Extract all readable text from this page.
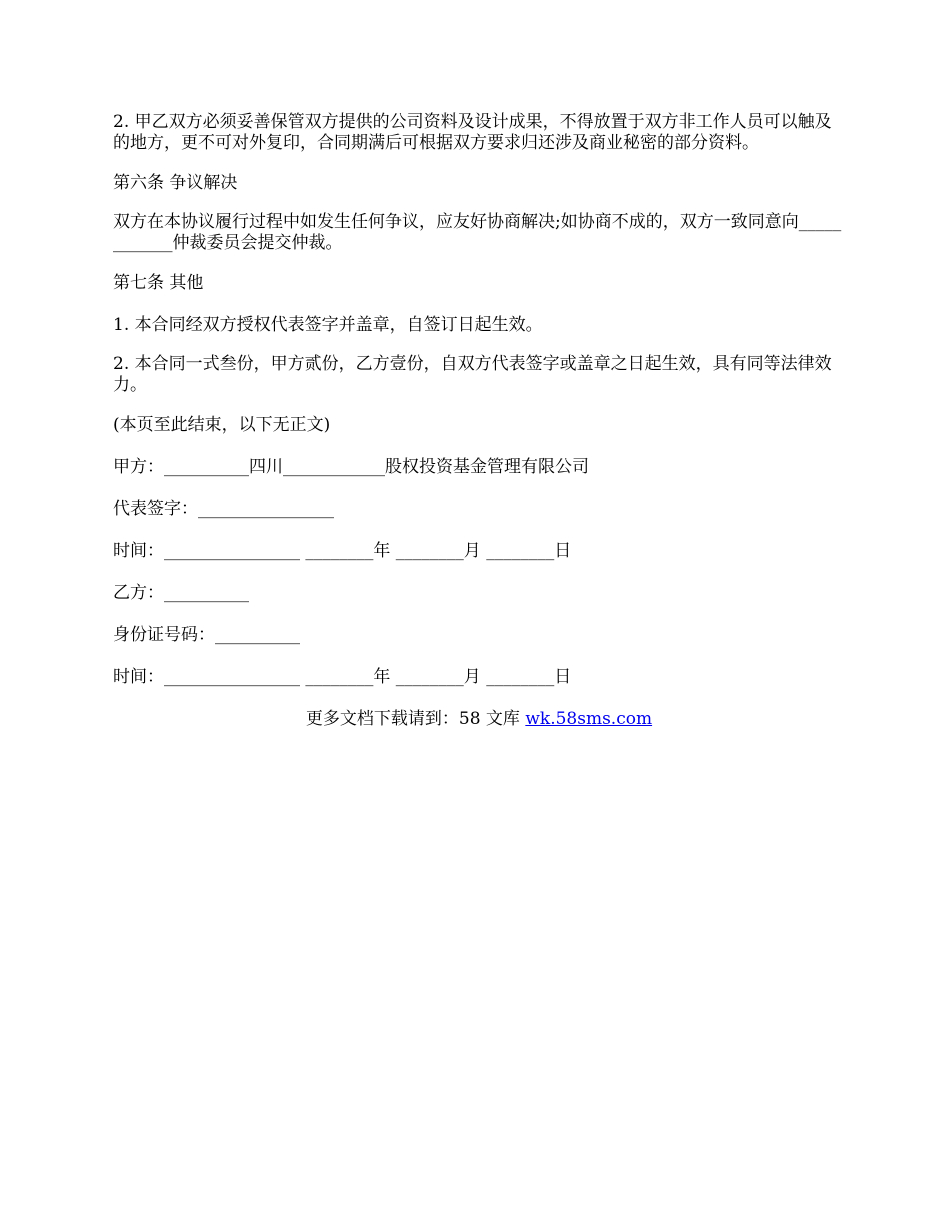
2. 甲乙双方必须妥善保管双方提供的公司资料及设计成果，不得放置于双方非工作人员可以触及的地方，更不可对外复印，合同期满后可根据双方要求归还涉及商业秘密的部分资料。

第六条 争议解决

双方在本协议履行过程中如发生任何争议，应友好协商解决;如协商不成的，双方一致同意向____________仲裁委员会提交仲裁。

第七条 其他

1. 本合同经双方授权代表签字并盖章，自签订日起生效。

2. 本合同一式叁份，甲方贰份，乙方壹份，自双方代表签字或盖章之日起生效，具有同等法律效力。

(本页至此结束，以下无正文)

甲方：__________四川____________股权投资基金管理有限公司

代表签字：________________

时间：________________ ________年 ________月 ________日

乙方：__________

身份证号码：__________

时间：________________ ________年 ________月 ________日

更多文档下载请到：58 文库 wk.58sms.com
